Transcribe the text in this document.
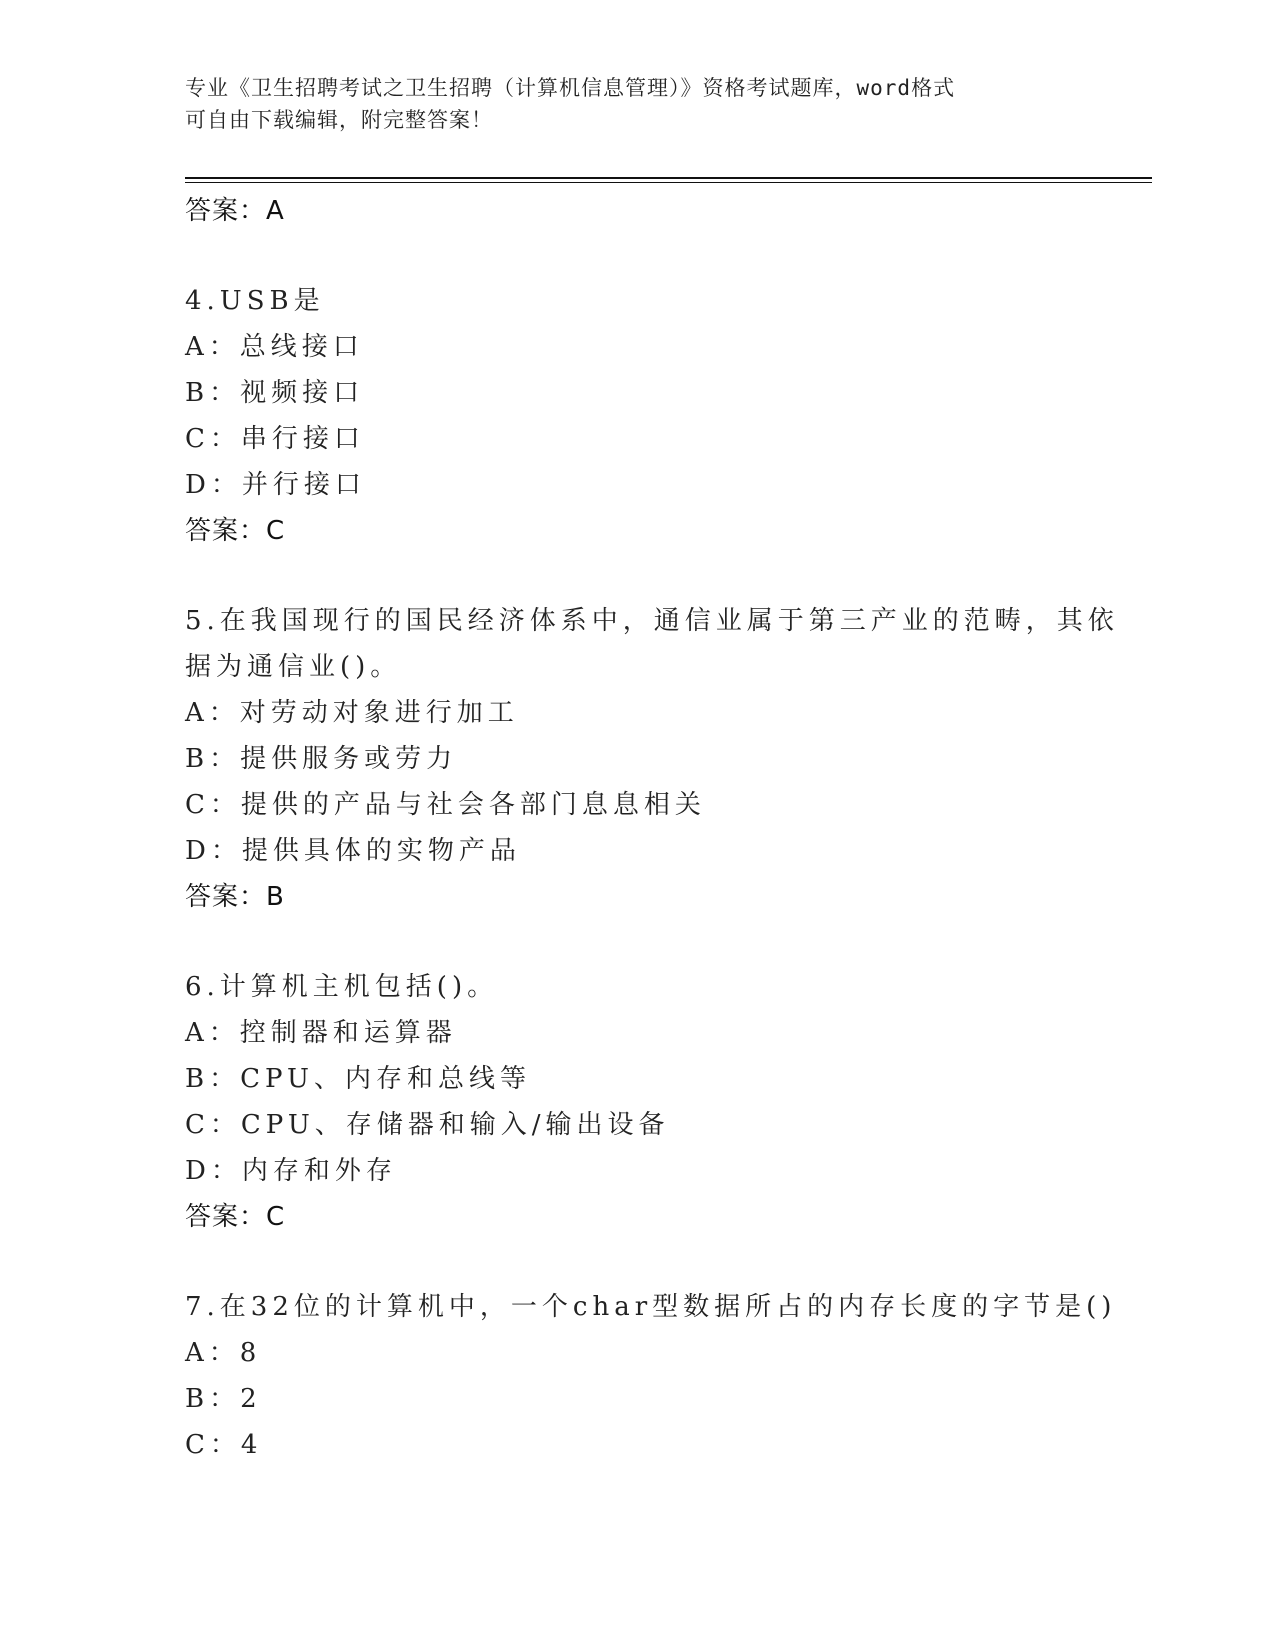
专业《卫生招聘考试之卫生招聘（计算机信息管理）》资格考试题库，word格式
可自由下载编辑，附完整答案！
答案：A
4.USB是
A：总线接口
B：视频接口
C：串行接口
D：并行接口
答案：C
5.在我国现行的国民经济体系中，通信业属于第三产业的范畴，其依
据为通信业()。
A：对劳动对象进行加工
B：提供服务或劳力
C：提供的产品与社会各部门息息相关
D：提供具体的实物产品
答案：B
6.计算机主机包括()。
A：控制器和运算器
B：CPU、内存和总线等
C：CPU、存储器和输入/输出设备
D：内存和外存
答案：C
7.在32位的计算机中，一个char型数据所占的内存长度的字节是()
A：8
B：2
C：4
